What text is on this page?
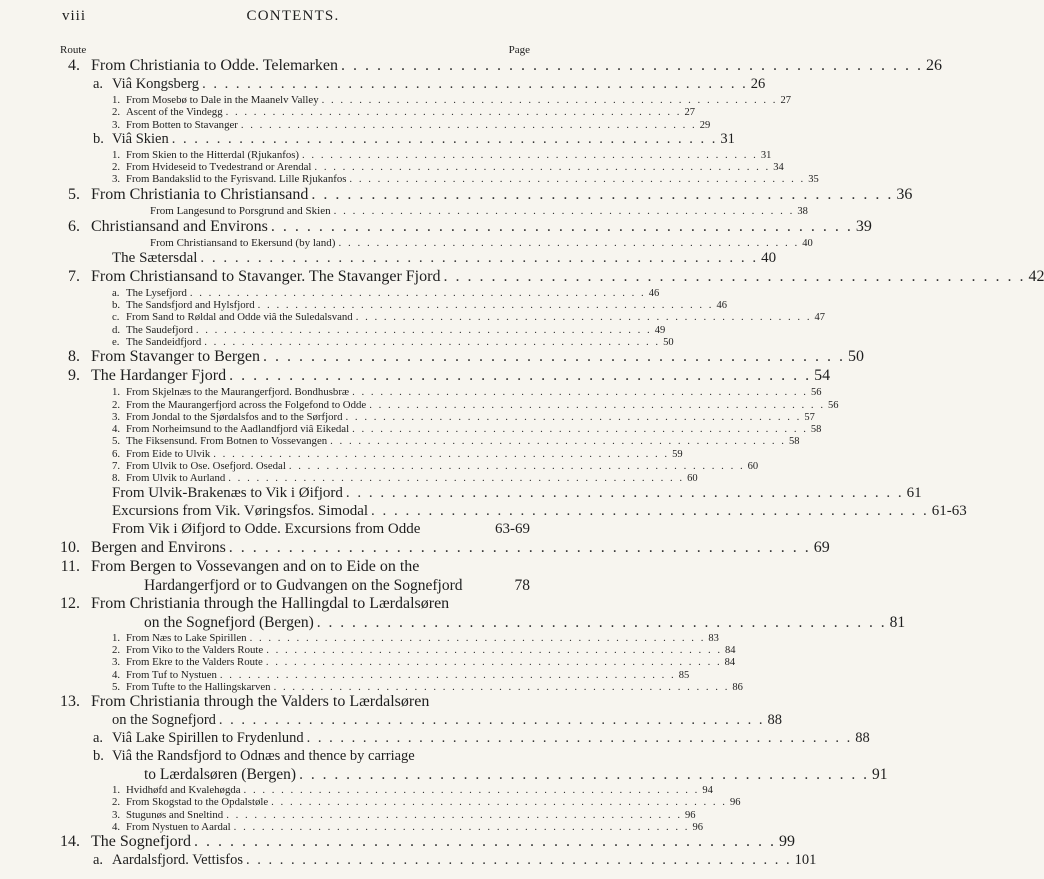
viii	CONTENTS.
Route	Page
4. From Christiania to Odde. Telemarken . . .	26
a. Viâ Kongsberg . . .	26
1. From Mosebø to Dale in the Maanelv Valley . . .	27
2. Ascent of the Vindegg . . .	27
3. From Botten to Stavanger . . .	29
b. Viâ Skien . . .	31
1. From Skien to the Hitterdal (Rjukanfos) . . .	31
2. From Hvideseid to Tvedestrand or Arendal . . .	34
3. From Bandakslid to the Fyrisvand. Lille Rjukanfos . . .	35
5. From Christiania to Christiansand . . .	36
From Langesund to Porsgrund and Skien . . .	38
6. Christiansand and Environs . . .	39
From Christiansand to Ekersund (by land) . . .	40
The Sætersdal . . .	40
7. From Christiansand to Stavanger. The Stavanger Fjord . . .	42
a. The Lysefjord . . .	46
b. The Sandsfjord and Hylsfjord . . .	46
c. From Sand to Røldal and Odde viâ the Suledalsvand . . .	47
d. The Saudefjord . . .	49
e. The Sandeidfjord . . .	50
8. From Stavanger to Bergen . . .	50
9. The Hardanger Fjord . . .	54
1. From Skjelnæs to the Maurangerfjord. Bondhusbræ . . .	56
2. From the Maurangerfjord across the Folgefond to Odde . . .	56
3. From Jondal to the Sjørdalsfos and to the Sørfjord . . .	57
4. From Norheimsund to the Aadlandfjord viâ Eikedal . . .	58
5. The Fiksensund. From Botnen to Vossevangen . . .	58
6. From Eide to Ulvik . . .	59
7. From Ulvik to Ose. Osefjord. Osedal . . .	60
8. From Ulvik to Aurland . . .	60
From Ulvik-Brakenæs to Vik i Øifjord . . .	61
Excursions from Vik. Vøringsfos. Simodal . . .	61-63
From Vik i Øifjord to Odde. Excursions from Odde	63-69
10. Bergen and Environs . . .	69
11. From Bergen to Vossevangen and on to Eide on the
Hardangerfjord or to Gudvangen on the Sognefjord	78
12. From Christiania through the Hallingdal to Lærdalsøren
on the Sognefjord (Bergen) . . .	81
1. From Næs to Lake Spirillen . . .	83
2. From Viko to the Valders Route . . .	84
3. From Ekre to the Valders Route . . .	84
4. From Tuf to Nystuen . . .	85
5. From Tufte to the Hallingskarven . . .	86
13. From Christiania through the Valders to Lærdalsøren
on the Sognefjord . . .	88
a. Viâ Lake Spirillen to Frydenlund . . .	88
b. Viâ the Randsfjord to Odnæs and thence by carriage
to Lærdalsøren (Bergen) . . .	91
1. Hvidhøfd and Kvalehøgda . . .	94
2. From Skogstad to the Opdalstøle . . .	96
3. Stugunøs and Sneltind . . .	96
4. From Nystuen to Aardal . . .	96
14. The Sognefjord . . .	99
a. Aardalsfjord. Vettisfos . . .	101
